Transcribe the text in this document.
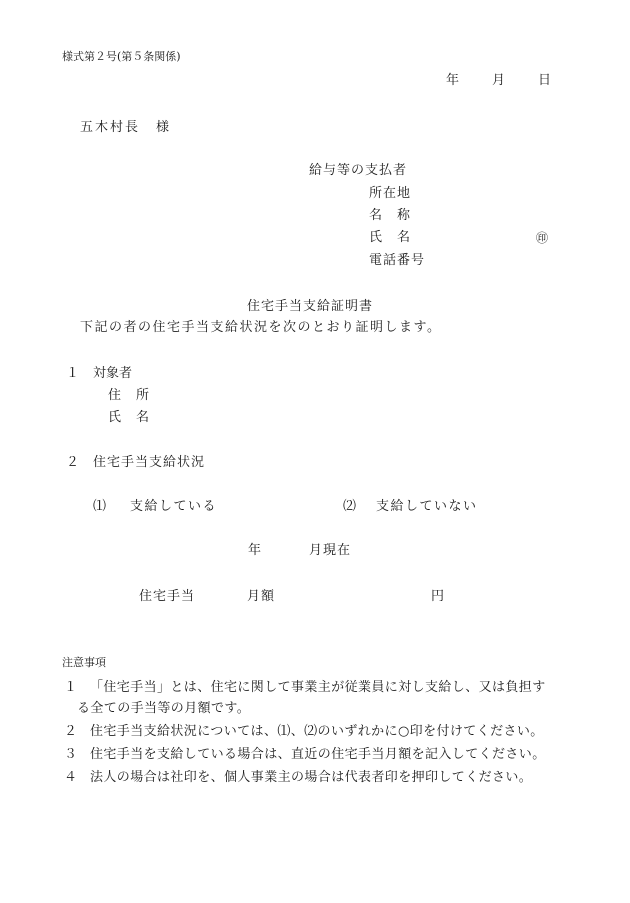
様式第２号(第５条関係)
年	月	日
五木村長 様
給与等の支払者
所在地
名　称
氏　名	㊞
電話番号
住宅手当支給証明書
下記の者の住宅手当支給状況を次のとおり証明します。
１ 対象者
住　所
氏　名
２ 住宅手当支給状況
⑴ 支給している	⑵ 支給していない
年	月現在
住宅手当	月額	円
注意事項
１ 「住宅手当」とは、住宅に関して事業主が従業員に対し支給し、又は負担す
る全ての手当等の月額です。
２ 住宅手当支給状況については、⑴、⑵のいずれかに○印を付けてください。
３ 住宅手当を支給している場合は、直近の住宅手当月額を記入してください。
４ 法人の場合は社印を、個人事業主の場合は代表者印を押印してください。
